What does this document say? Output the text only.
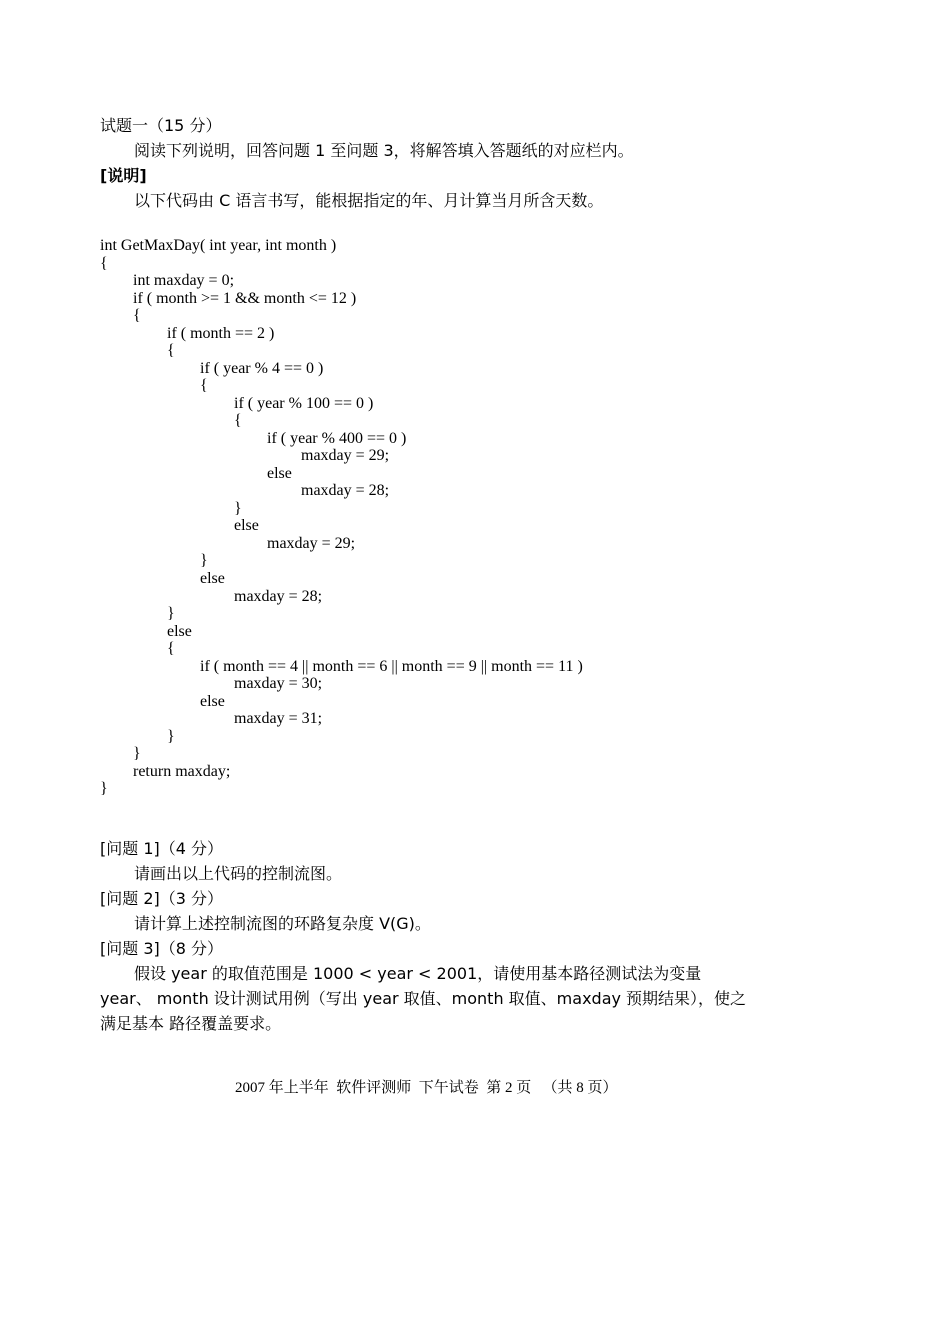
试题一（15 分）
阅读下列说明，回答问题 1 至问题 3，将解答填入答题纸的对应栏内。
[说明]
以下代码由 C 语言书写，能根据指定的年、月计算当月所含天数。
int GetMaxDay( int year, int month )
{
int maxday = 0;
if ( month >= 1 && month <= 12 )
{
if ( month == 2 )
{
if ( year % 4 == 0 )
{
if ( year % 100 == 0 )
{
if ( year % 400 == 0 )
maxday = 29;
else
maxday = 28;
}
else
maxday = 29;
}
else
maxday = 28;
}
else
{
if ( month == 4 || month == 6 || month == 9 || month == 11 )
maxday = 30;
else
maxday = 31;
}
}
return maxday;
}
[问题 1]（4 分）
请画出以上代码的控制流图。
[问题 2]（3 分）
请计算上述控制流图的环路复杂度 V(G)。
[问题 3]（8 分）
假设 year 的取值范围是 1000 < year < 2001，请使用基本路径测试法为变量 year、 month 设计测试用例（写出 year 取值、month 取值、maxday 预期结果），使之满足基本 路径覆盖要求。
2007 年上半年  软件评测师  下午试卷  第 2 页   （共 8 页）
